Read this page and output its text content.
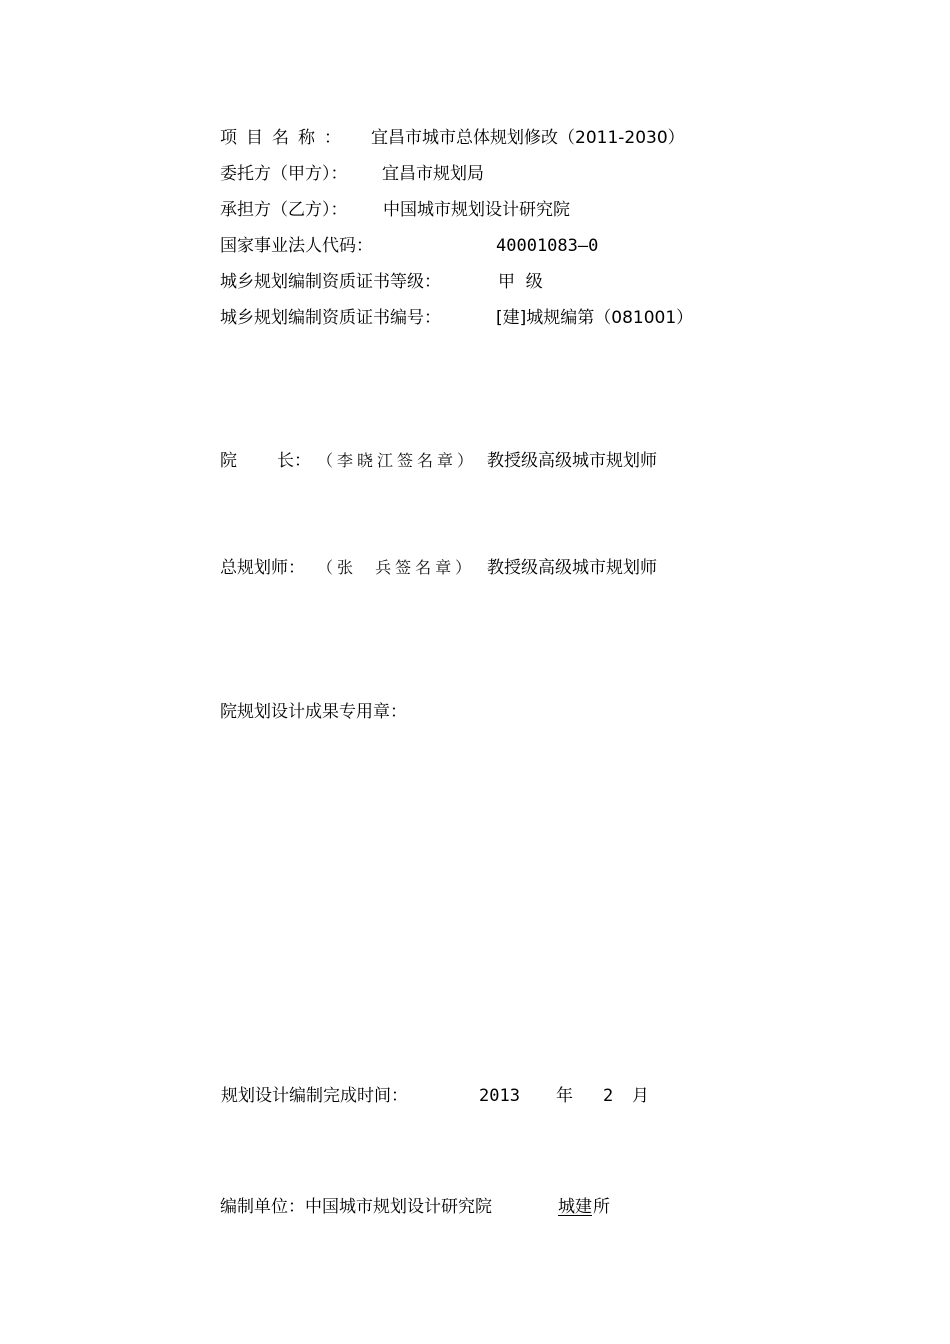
项目名称： 宜昌市城市总体规划修改（2011-2030）
委托方（甲方）： 宜昌市规划局
承担方（乙方）： 中国城市规划设计研究院
国家事业法人代码：	40001083—0
城乡规划编制资质证书等级：	甲  级
城乡规划编制资质证书编号：	[建]城规编第（081001）
院 长： （李晓江签名章） 教授级高级城市规划师
总规划师： （张  兵签名章） 教授级高级城市规划师
院规划设计成果专用章：
规划设计编制完成时间：	2013 年 2 月
编制单位：中国城市规划设计研究院	城建 所
